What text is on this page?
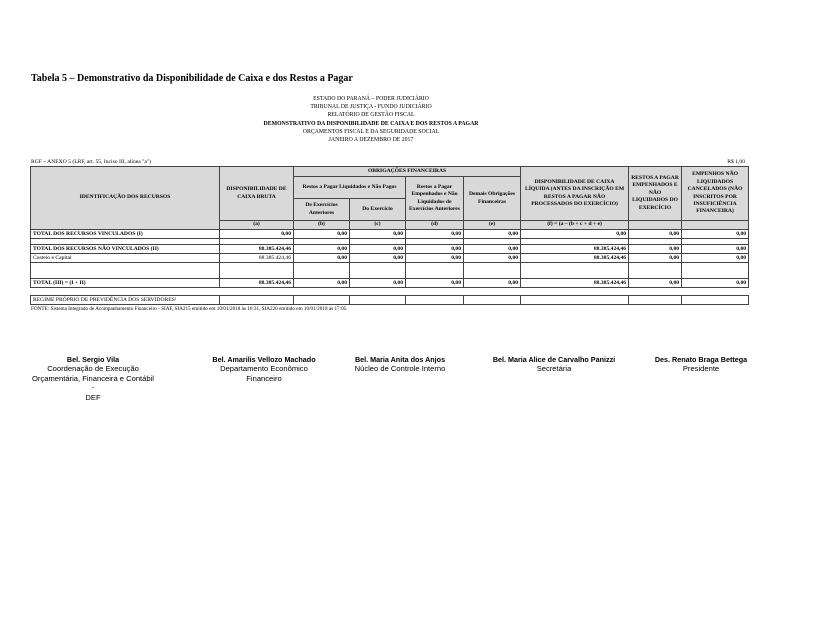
Tabela 5 – Demonstrativo da Disponibilidade de Caixa e dos Restos a Pagar
ESTADO DO PARANÁ – PODER JUDICIÁRIO
TRIBUNAL DE JUSTIÇA - FUNDO JUDICIÁRIO
RELATÓRIO DE GESTÃO FISCAL
DEMONSTRATIVO DA DISPONIBILIDADE DE CAIXA E DOS RESTOS A PAGAR
ORÇAMENTOS FISCAL E DA SEGURIDADE SOCIAL
JANEIRO A DEZEMBRO DE 2017
RGF – ANEXO 5 (LRF, art. 55, Inciso III, alínea "a")	R$ 1,00
IDENTIFICAÇÃO DOS RECURSOS	DISPONIBILIDADE DE CAIXA BRUTA	OBRIGAÇÕES FINANCEIRAS				DISPONIBILIDADE DE CAIXA LÍQUIDA (ANTES DA INSCRIÇÃO EM RESTOS A PAGAR NÃO PROCESSADOS DO EXERCÍCIO)	RESTOS A PAGAR EMPENHADOS E NÃO LIQUIDADOS DO EXERCÍCIO	EMPENHOS NÃO LIQUIDADOS CANCELADOS (NÃO INSCRITOS POR INSUFICIÊNCIA FINANCEIRA)
		Restos a Pagar Liquidados e Não Pagos		Restos a Pagar Empenhados e Não Liquidados de Exercícios Anteriores	Demais Obrigações Financeiras			
		De Exercícios Anteriores	Do Exercício					
	(a)	(b)	(c)	(d)	(e)	(f) = (a – (b + c + d + e)		
TOTAL DOS RECURSOS VINCULADOS (I)	0,00	0,00	0,00	0,00	0,00	0,00	0,00	0,00

TOTAL DOS RECURSOS NÃO VINCULADOS (II)	88.385.424,46	0,00	0,00	0,00	0,00	88.385.424,46	0,00	0,00
Custeio e Capital	88.385.424,46	0,00	0,00	0,00	0,00	88.385.424,46	0,00	0,00

TOTAL (III) = (I + II)	88.385.424,46	0,00	0,00	0,00	0,00	88.385.424,46	0,00	0,00
REGIME PRÓPRIO DE PREVIDÊNCIA DOS SERVIDORES¹								
FONTE: Sistema Integrado de Acompanhamento Financeiro - SIAF, SIA215 emitido em 10/01/2018 às 16:31, SIA220 emitido em 10/01/2018 às 17:05.
Bel. Sergio Vila
Coordenação de Execução
Orçamentária, Financeira e Contábil -
DEF
Bel. Amarilis Vellozo Machado
Departamento Econômico
Financeiro
Bel. Maria Anita dos Anjos
Núcleo de Controle Interno
Bel. Maria Alice de Carvalho Panizzi
Secretária
Des. Renato Braga Bettega
Presidente
